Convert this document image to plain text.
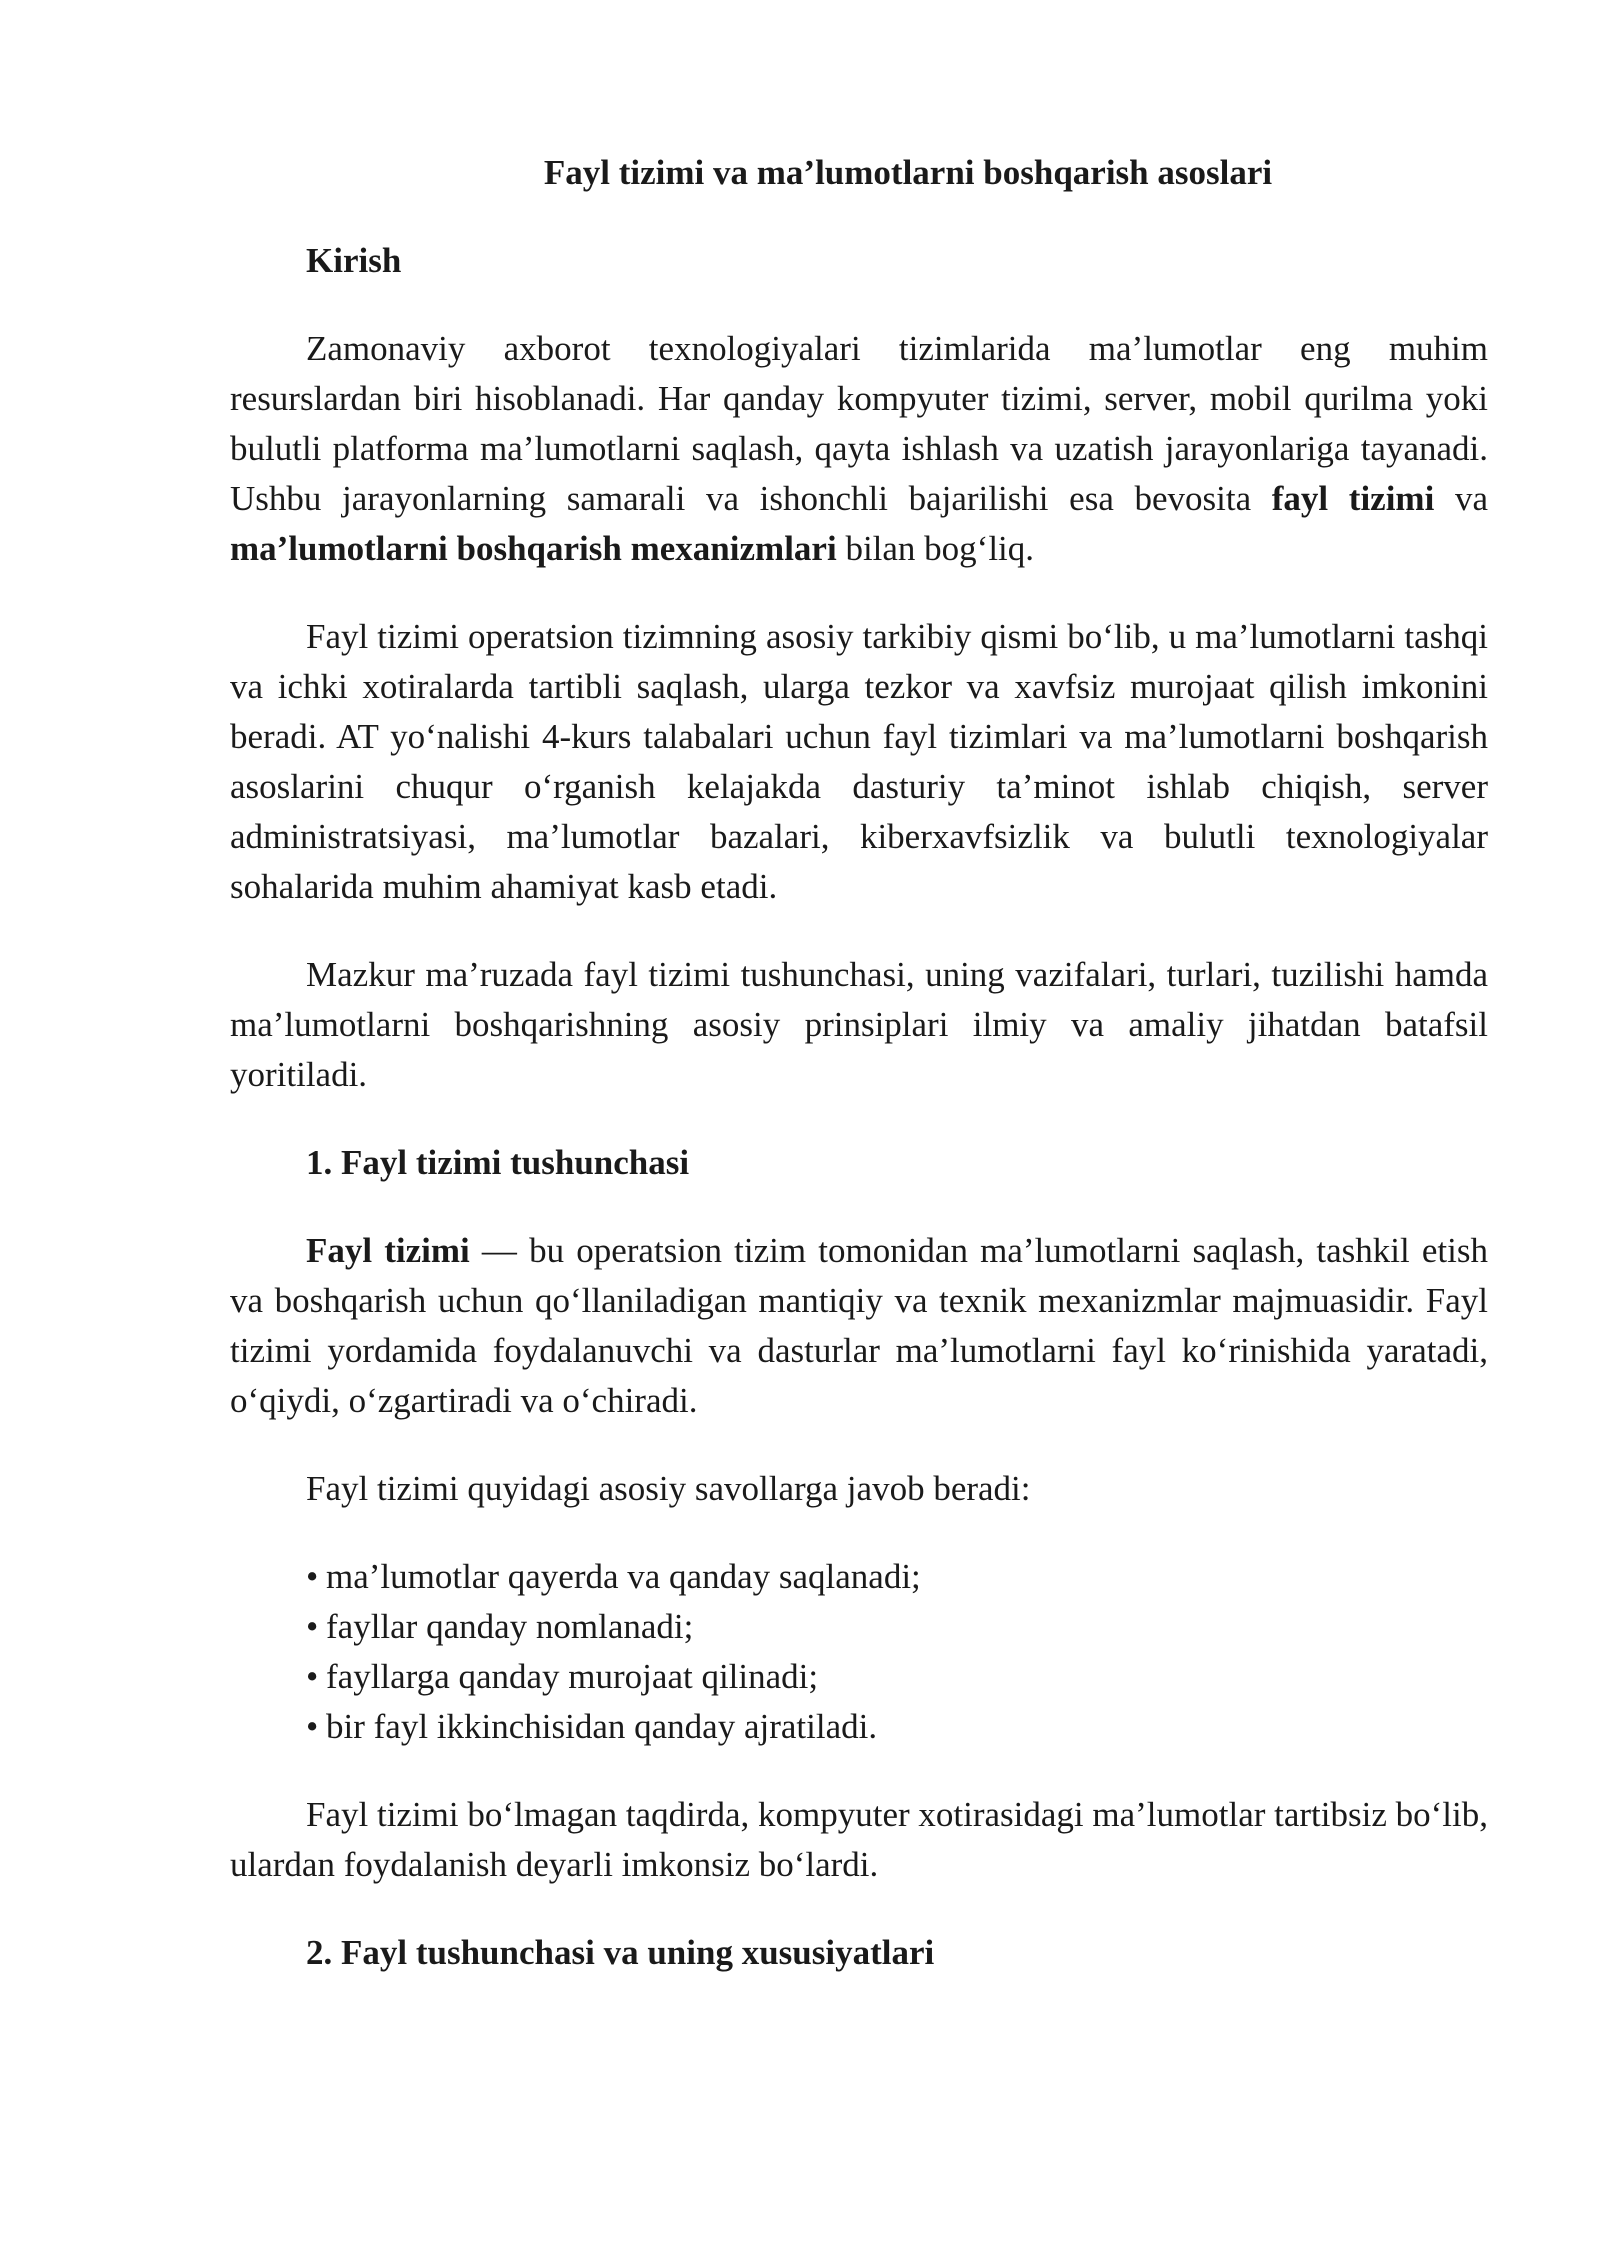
Fayl tizimi va ma’lumotlarni boshqarish asoslari
Kirish

Zamonaviy axborot texnologiyalari tizimlarida ma’lumotlar eng muhim resurslardan biri hisoblanadi. Har qanday kompyuter tizimi, server, mobil qurilma yoki bulutli platforma ma’lumotlarni saqlash, qayta ishlash va uzatish jarayonlariga tayanadi. Ushbu jarayonlarning samarali va ishonchli bajarilishi esa bevosita fayl tizimi va ma’lumotlarni boshqarish mexanizmlari bilan bog‘liq.

Fayl tizimi operatsion tizimning asosiy tarkibiy qismi bo‘lib, u ma’lumotlarni tashqi va ichki xotiralarda tartibli saqlash, ularga tezkor va xavfsiz murojaat qilish imkonini beradi. AT yo‘nalishi 4-kurs talabalari uchun fayl tizimlari va ma’lumotlarni boshqarish asoslarini chuqur o‘rganish kelajakda dasturiy ta’minot ishlab chiqish, server administratsiyasi, ma’lumotlar bazalari, kiberxavfsizlik va bulutli texnologiyalar sohalarida muhim ahamiyat kasb etadi.

Mazkur ma’ruzada fayl tizimi tushunchasi, uning vazifalari, turlari, tuzilishi hamda ma’lumotlarni boshqarishning asosiy prinsiplari ilmiy va amaliy jihatdan batafsil yoritiladi.

1. Fayl tizimi tushunchasi

Fayl tizimi — bu operatsion tizim tomonidan ma’lumotlarni saqlash, tashkil etish va boshqarish uchun qo‘llaniladigan mantiqiy va texnik mexanizmlar majmuasidir. Fayl tizimi yordamida foydalanuvchi va dasturlar ma’lumotlarni fayl ko‘rinishida yaratadi, o‘qiydi, o‘zgartiradi va o‘chiradi.

Fayl tizimi quyidagi asosiy savollarga javob beradi:

• ma’lumotlar qayerda va qanday saqlanadi;
• fayllar qanday nomlanadi;
• fayllarga qanday murojaat qilinadi;
• bir fayl ikkinchisidan qanday ajratiladi.

Fayl tizimi bo‘lmagan taqdirda, kompyuter xotirasidagi ma’lumotlar tartibsiz bo‘lib, ulardan foydalanish deyarli imkonsiz bo‘lardi.

2. Fayl tushunchasi va uning xususiyatlari
